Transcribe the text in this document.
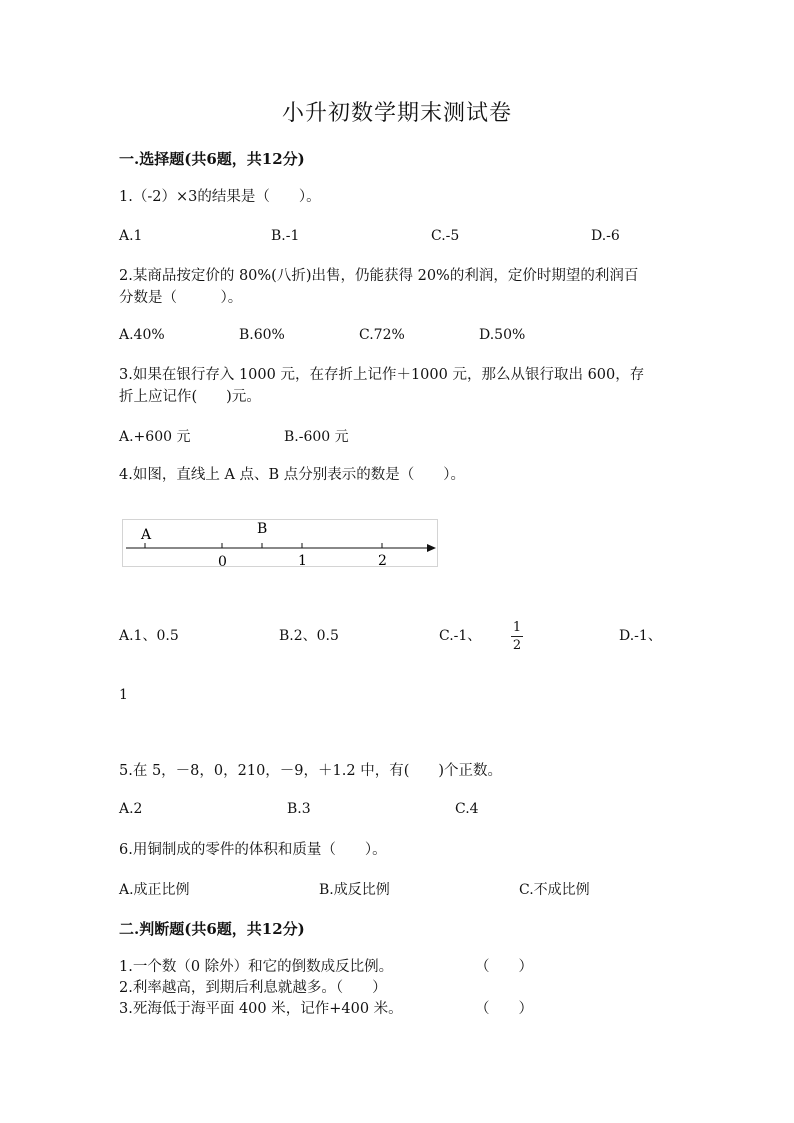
小升初数学期末测试卷
一.选择题(共6题，共12分)
1.（-2）×3的结果是（　　）。
A.1	B.-1	C.-5	D.-6
2.某商品按定价的 80%(八折)出售，仍能获得 20%的利润，定价时期望的利润百
分数是（　　　）。
A.40%	B.60%	C.72%	D.50%
3.如果在银行存入 1000 元，在存折上记作＋1000 元，那么从银行取出 600，存
折上应记作(　　)元。
A.+600 元	B.-600 元
4.如图，直线上 A 点、B 点分别表示的数是（　　）。
A	B
0	1	2
A.1、0.5	B.2、0.5	C.-1、
1
2
D.-1、
1
5.在 5，－8，0，210，－9，＋1.2 中，有(　　)个正数。
A.2	B.3	C.4
6.用铜制成的零件的体积和质量（　　）。
A.成正比例	B.成反比例	C.不成比例
二.判断题(共6题，共12分)
1.一个数（0 除外）和它的倒数成反比例。	（　　）
2.利率越高，到期后利息就越多。（　　）
3.死海低于海平面 400 米，记作+400 米。	（　　）
